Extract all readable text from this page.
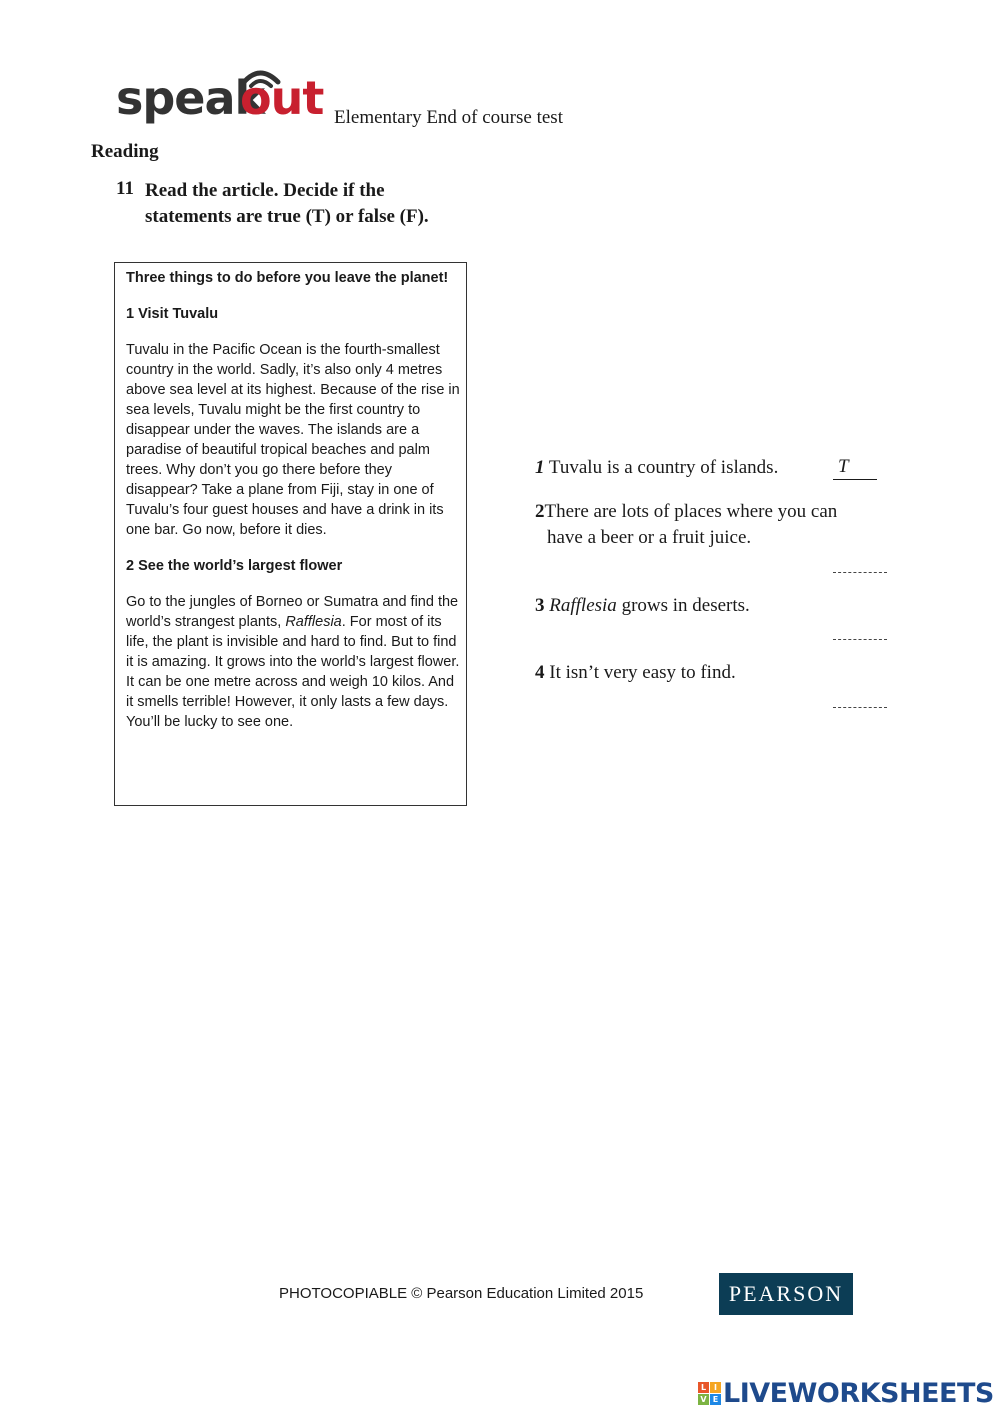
speak
out Elementary End of course test
Reading
11 Read the article. Decide if the statements are true (T) or false (F).
Three things to do before you leave the planet!
1 Visit Tuvalu

Tuvalu in the Pacific Ocean is the fourth-smallest country in the world. Sadly, it’s also only 4 metres above sea level at its highest. Because of the rise in sea levels, Tuvalu might be the first country to disappear under the waves. The islands are a paradise of beautiful tropical beaches and palm trees. Why don’t you go there before they disappear? Take a plane from Fiji, stay in one of Tuvalu’s four guest houses and have a drink in its one bar. Go now, before it dies.

2 See the world’s largest flower

Go to the jungles of Borneo or Sumatra and find the world’s strangest plants, Rafflesia. For most of its life, the plant is invisible and hard to find. But to find it is amazing. It grows into the world’s largest flower. It can be one metre across and weigh 10 kilos. And it smells terrible! However, it only lasts a few days. You’ll be lucky to see one.

1 Tuvalu is a country of islands.	T
2There are lots of places where you can
have a beer or a fruit juice.
3 Rafflesia grows in deserts.
4 It isn’t very easy to find.
PHOTOCOPIABLE © Pearson Education Limited 2015	PEARSON
L I
V E LIVEWORKSHEETS
